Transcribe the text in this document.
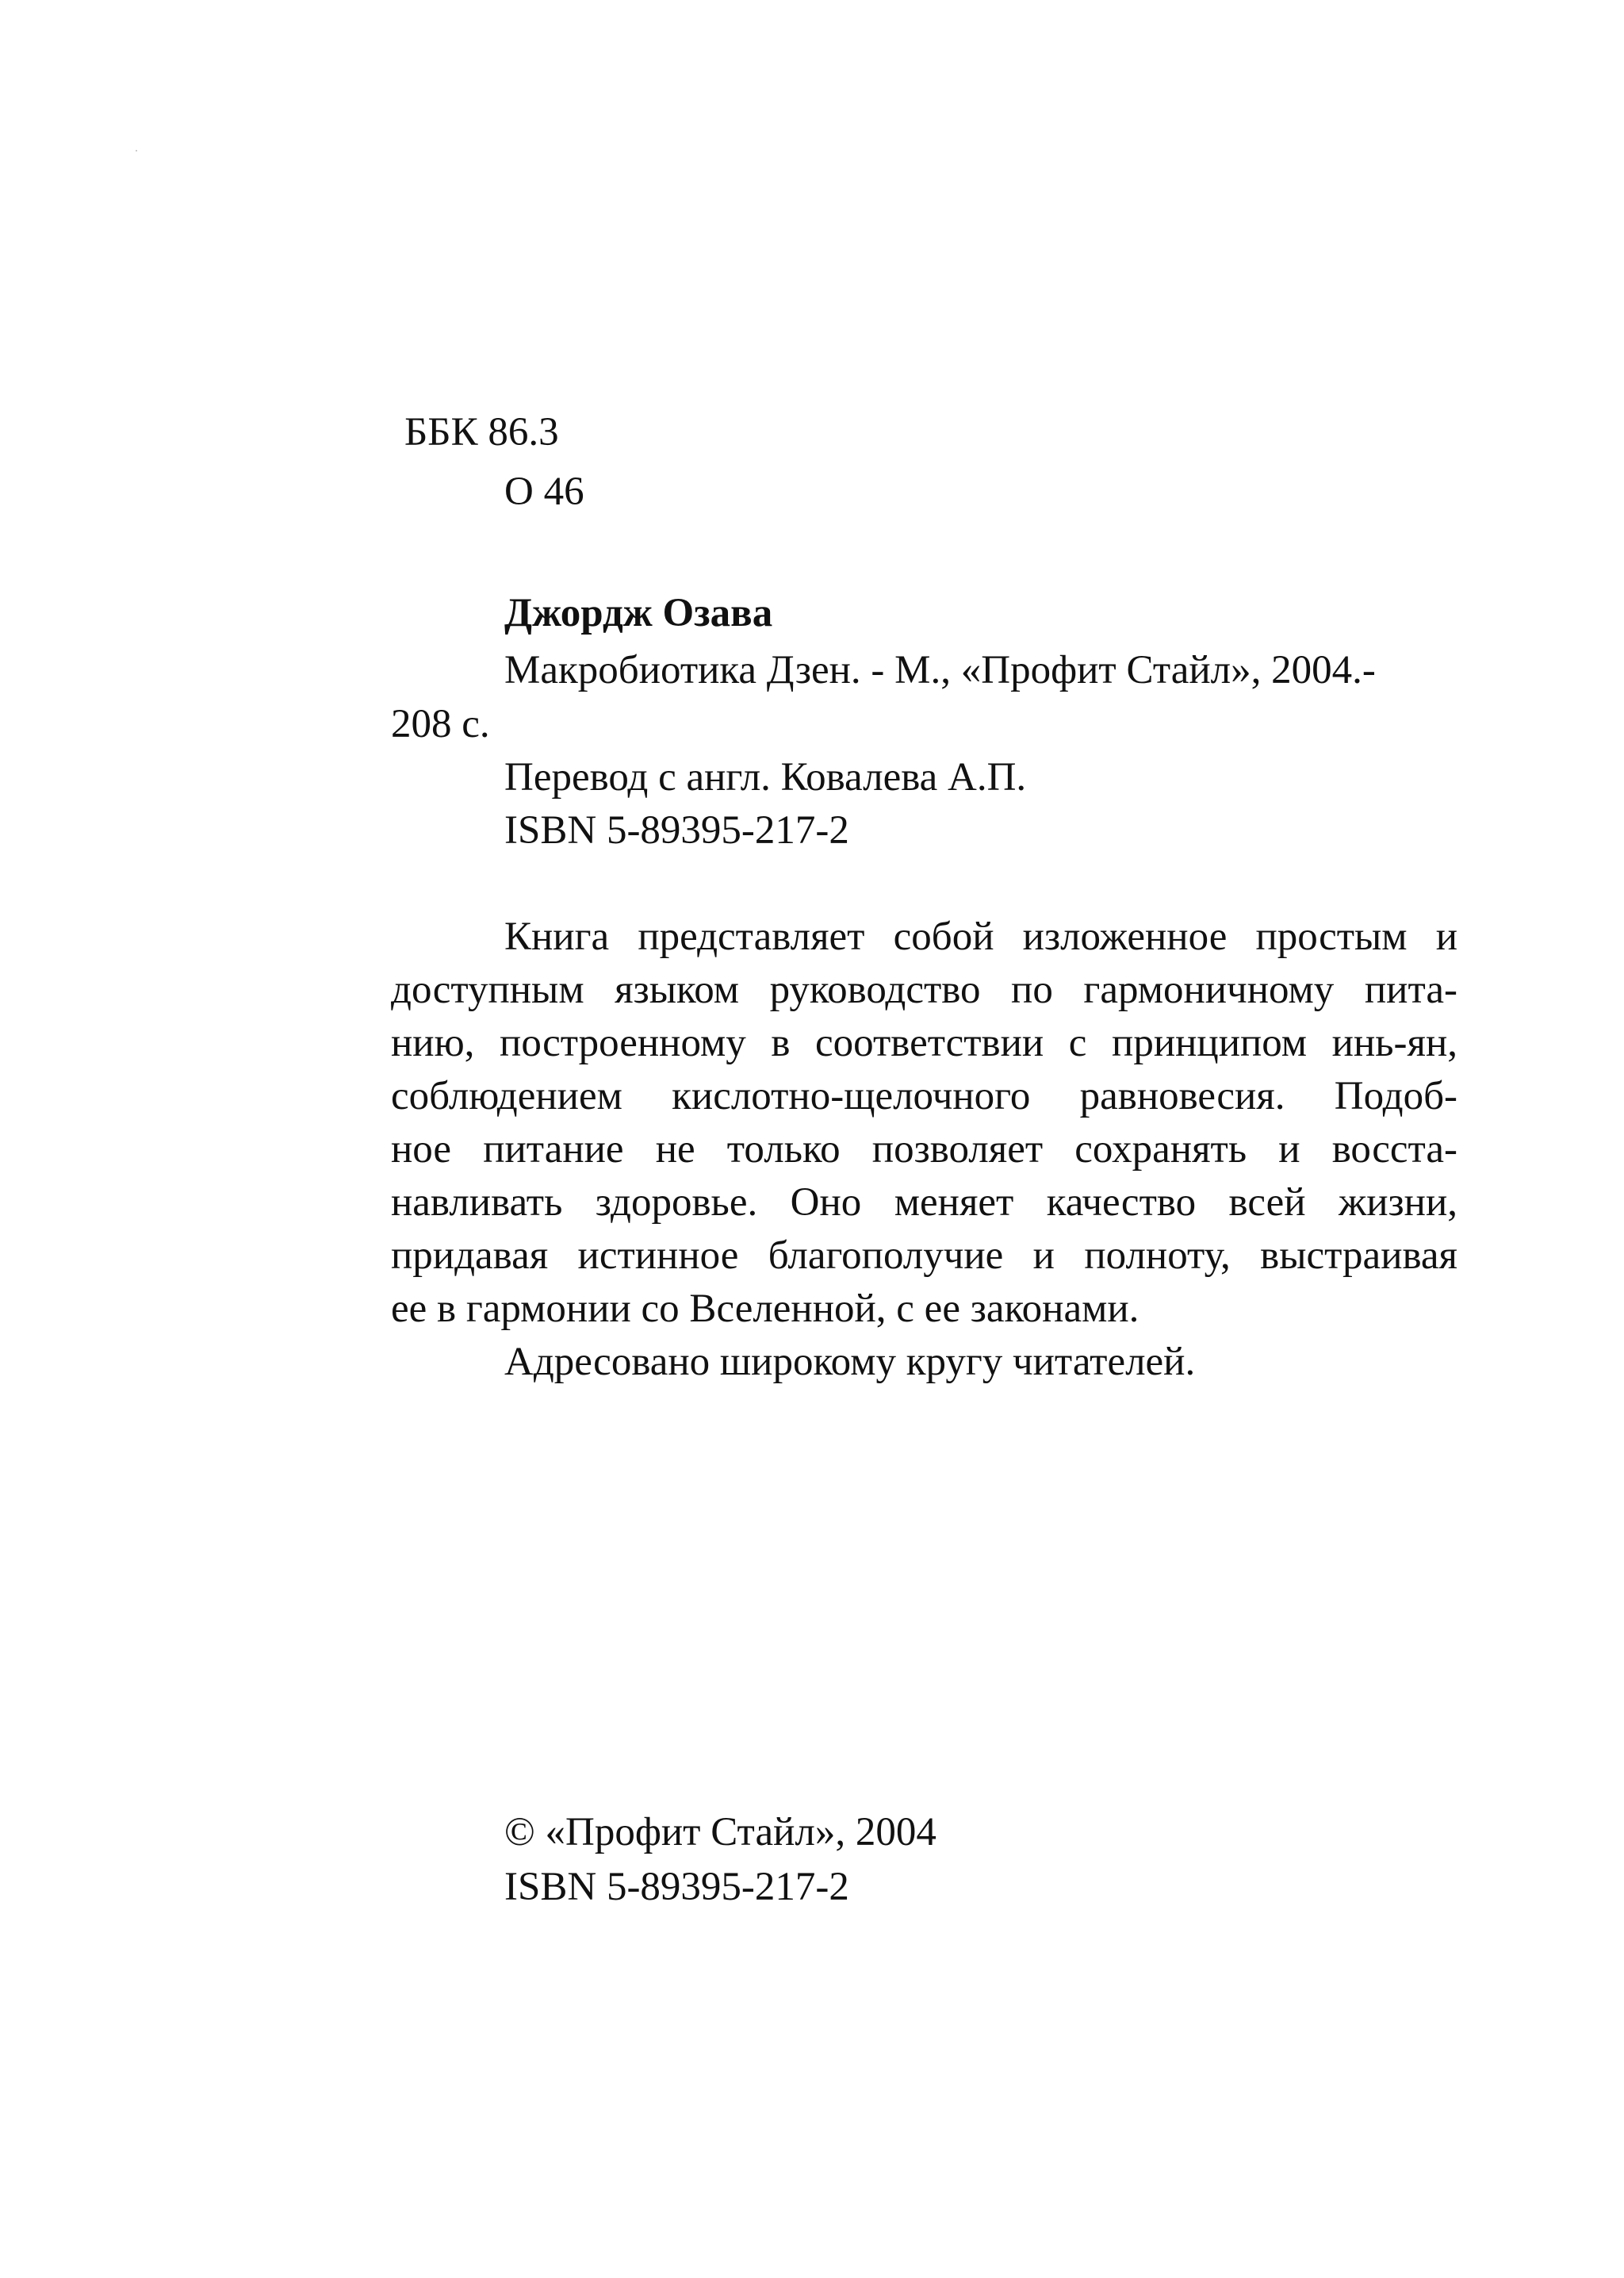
ББК 86.3
О 46
Джордж Озава
Макробиотика Дзен. - М., «Профит Стайл», 2004.-
208 с.
Перевод с англ. Ковалева А.П.
ISBN 5-89395-217-2
Книга представляет собой изложенное простым и
доступным языком руководство по гармоничному пита-
нию, построенному в соответствии с принципом инь-ян,
соблюдением кислотно-щелочного равновесия. Подоб-
ное питание не только позволяет сохранять и восста-
навливать здоровье. Оно меняет качество всей жизни,
придавая истинное благополучие и полноту, выстраивая
ее в гармонии со Вселенной, с ее законами.
Адресовано широкому кругу читателей.
© «Профит Стайл», 2004
ISBN 5-89395-217-2
